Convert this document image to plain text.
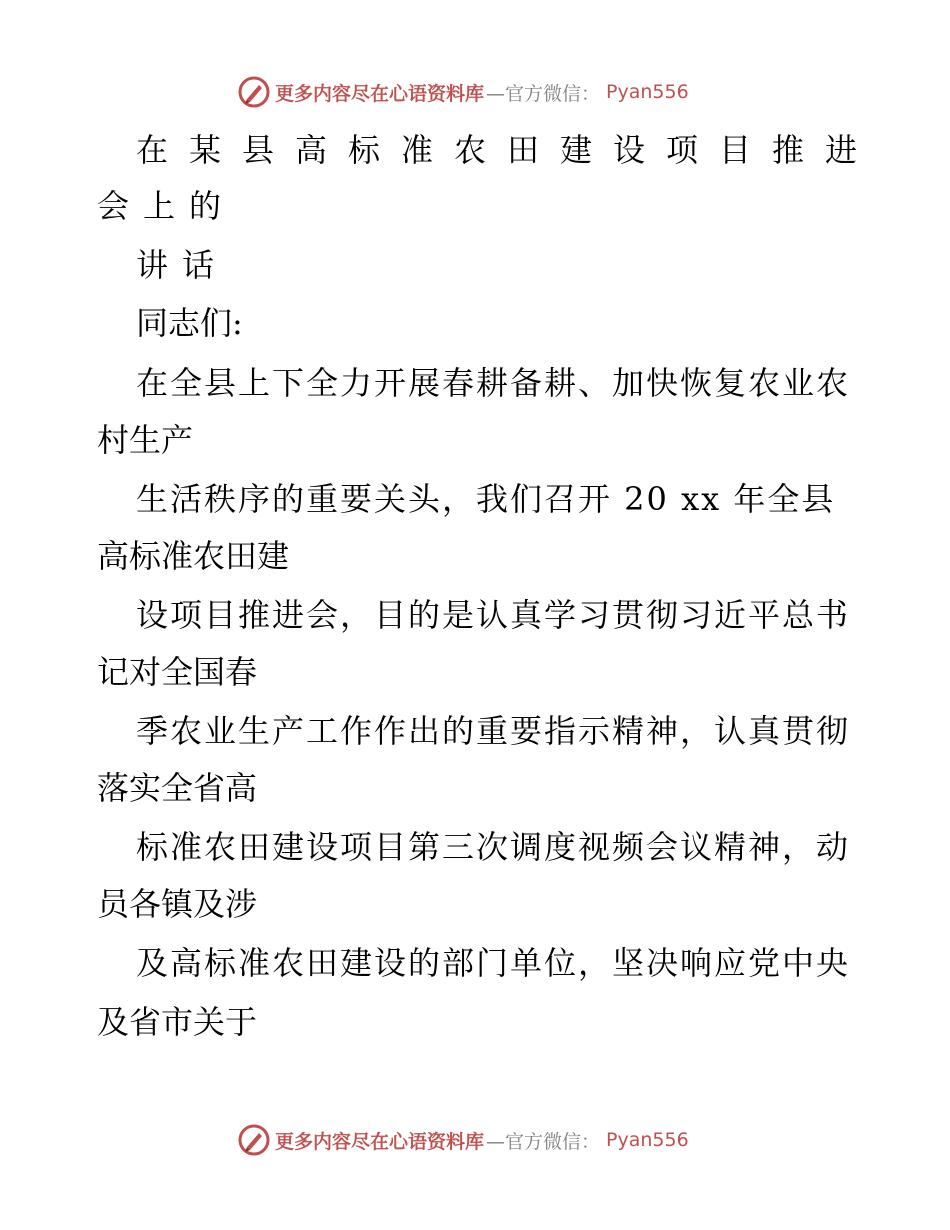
更多内容尽在心语资料库 —官方微信： Pyan556
在某县高标准农田建设项目推进
会上的
讲话
同志们:
在全县上下全力开展春耕备耕、加快恢复农业农
村生产
生活秩序的重要关头，我们召开 20 xx 年全县
高标准农田建
设项目推进会，目的是认真学习贯彻习近平总书
记对全国春
季农业生产工作作出的重要指示精神，认真贯彻
落实全省高
标准农田建设项目第三次调度视频会议精神，动
员各镇及涉
及高标准农田建设的部门单位，坚决响应党中央
及省市关于
更多内容尽在心语资料库 —官方微信： Pyan556
